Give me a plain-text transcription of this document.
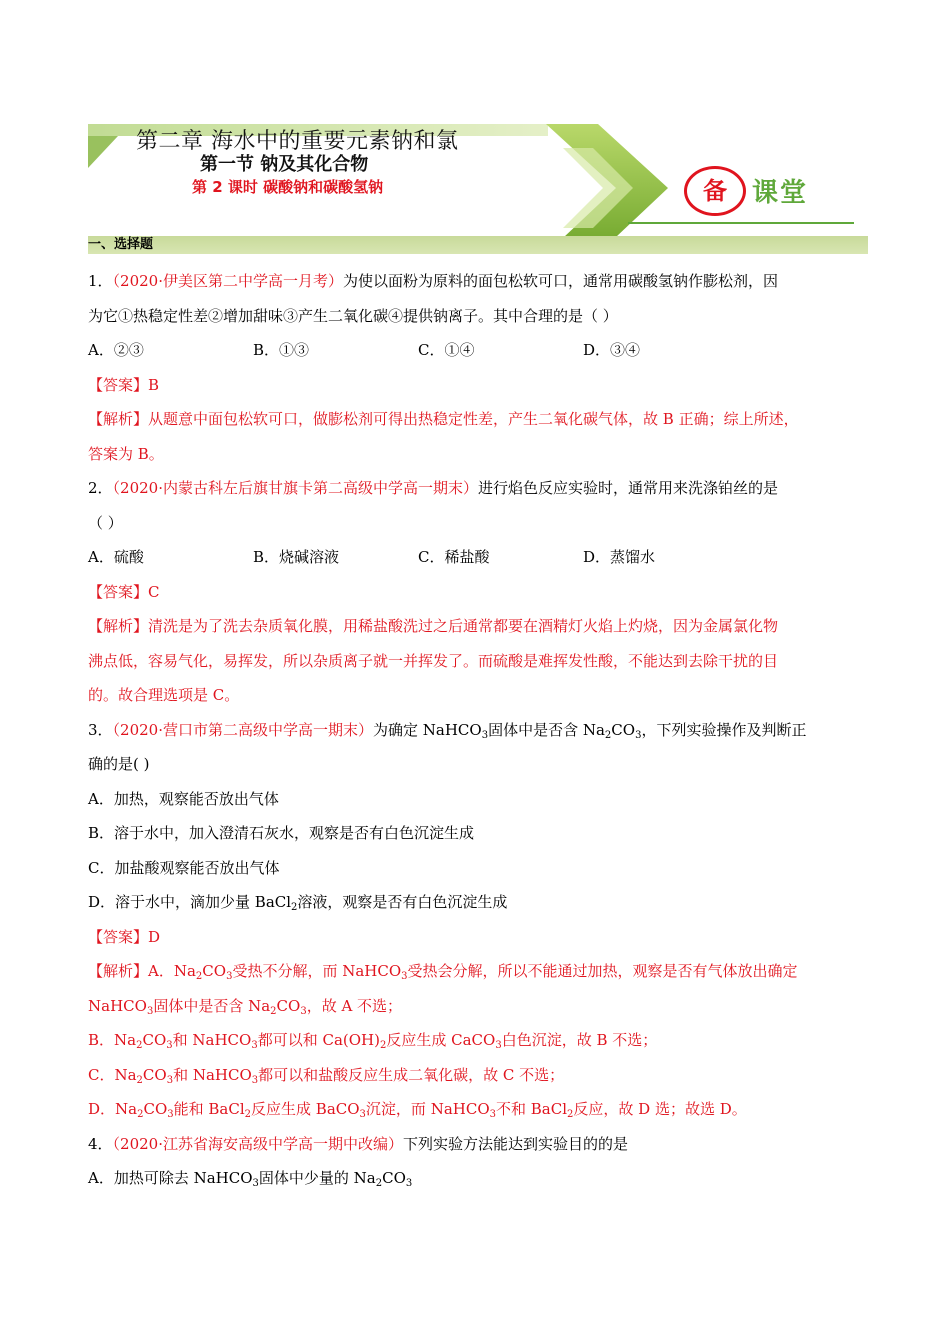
第二章 海水中的重要元素钠和氯
第一节 钠及其化合物
第 2 课时 碳酸钠和碳酸氢钠	备 课堂
一、选择题
1．（2020·伊美区第二中学高一月考）为使以面粉为原料的面包松软可口，通常用碳酸氢钠作膨松剂，因
为它①热稳定性差②增加甜味③产生二氧化碳④提供钠离子。其中合理的是（ ）
A．②③	B．①③	C．①④	D．③④
【答案】B
【解析】从题意中面包松软可口，做膨松剂可得出热稳定性差，产生二氧化碳气体，故 B 正确；综上所述，
答案为 B。
2．（2020·内蒙古科左后旗甘旗卡第二高级中学高一期末）进行焰色反应实验时，通常用来洗涤铂丝的是
（ ）
A．硫酸	B．烧碱溶液	C．稀盐酸	D．蒸馏水
【答案】C
【解析】清洗是为了洗去杂质氧化膜，用稀盐酸洗过之后通常都要在酒精灯火焰上灼烧，因为金属氯化物
沸点低，容易气化，易挥发，所以杂质离子就一并挥发了。而硫酸是难挥发性酸，不能达到去除干扰的目
的。故合理选项是 C。
3．（2020·营口市第二高级中学高一期末）为确定 NaHCO$_3$固体中是否含 $Na_2CO_3$，下列实验操作及判断正
确的是( )
A．加热，观察能否放出气体
B．溶于水中，加入澄清石灰水，观察是否有白色沉淀生成
C．加盐酸观察能否放出气体
D．溶于水中，滴加少量 BaCl$_2$溶液，观察是否有白色沉淀生成
【答案】D
【解析】A．$Na_2CO_3$受热不分解，而 NaHCO$_3$受热会分解，所以不能通过加热，观察是否有气体放出确定
NaHCO$_3$固体中是否含 $Na_2CO_3$，故 A 不选；
B．$Na_2CO_3$和 NaHCO$_3$都可以和 $Ca(OH)_2$反应生成 CaCO$_3$白色沉淀，故 B 不选；
C．$Na_2CO_3$和 NaHCO$_3$都可以和盐酸反应生成二氧化碳，故 C 不选；
D．$Na_2CO_3$能和 BaCl$_2$反应生成 BaCO$_3$沉淀，而 NaHCO$_3$不和 BaCl$_2$反应，故 D 选；故选 D。
4．（2020·江苏省海安高级中学高一期中改编）下列实验方法能达到实验目的的是
A．加热可除去 NaHCO$_3$固体中少量的 $Na_2CO_3$
